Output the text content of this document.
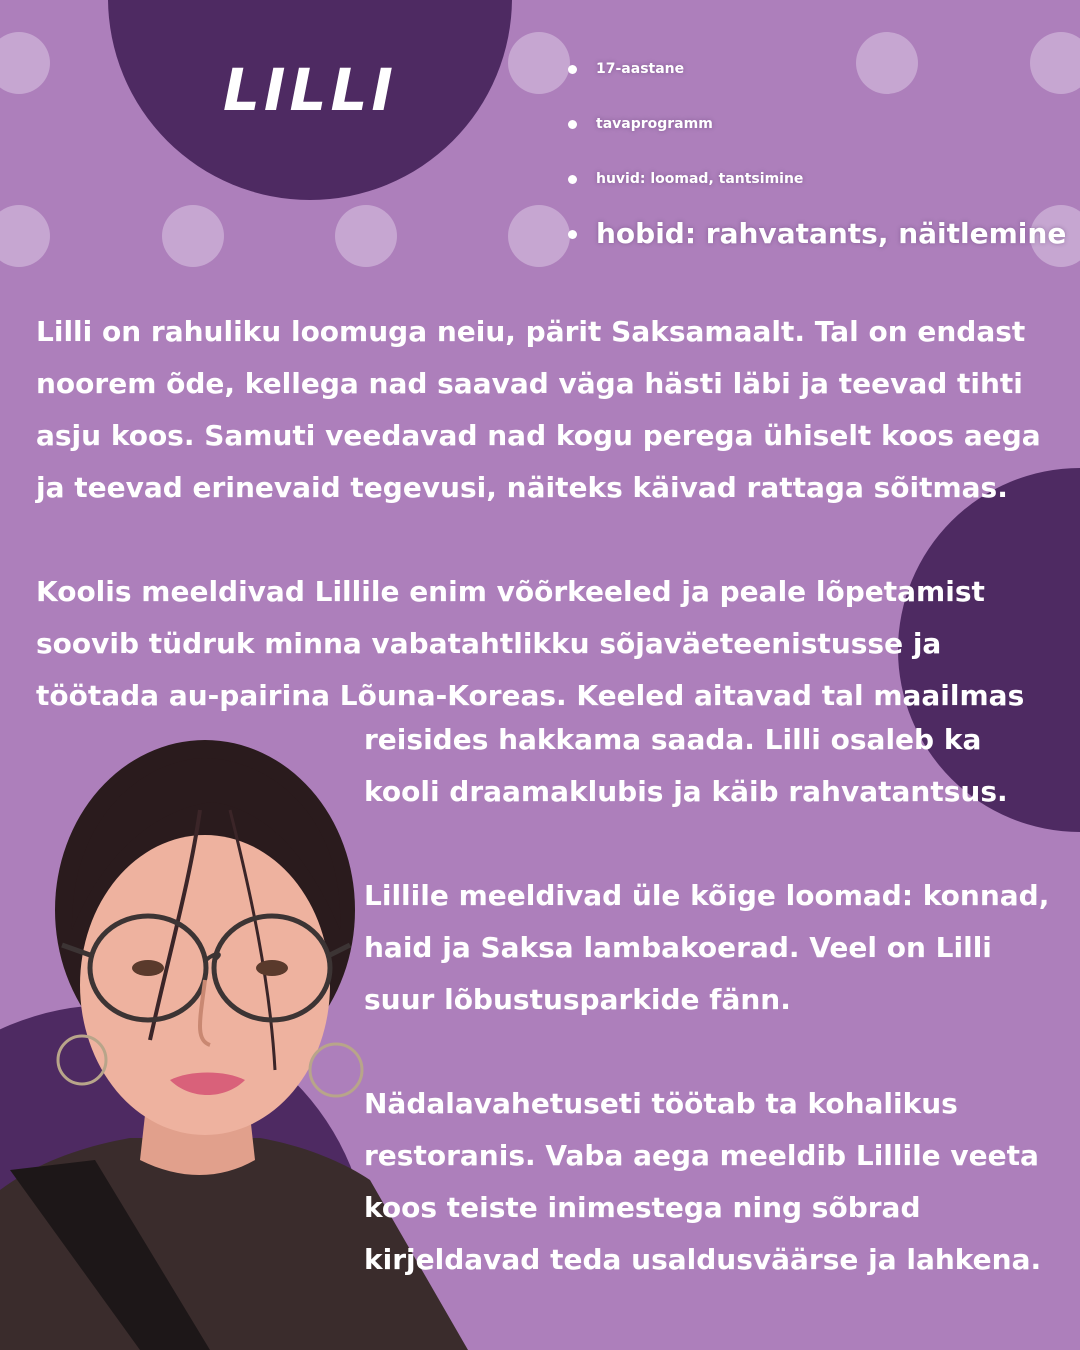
LILLI	17-aastane
tavaprogramm
huvid: loomad, tantsimine
hobid: rahvatants, näitlemine
Lilli on rahuliku loomuga neiu, pärit Saksamaalt. Tal on endast
noorem õde, kellega nad saavad väga hästi läbi ja teevad tihti
asju koos. Samuti veedavad nad kogu perega ühiselt koos aega
ja teevad erinevaid tegevusi, näiteks käivad rattaga sõitmas.
Koolis meeldivad Lillile enim võõrkeeled ja peale lõpetamist
soovib tüdruk minna vabatahtlikku sõjaväeteenistusse ja
töötada au-pairina Lõuna-Koreas. Keeled aitavad tal maailmas
reisides hakkama saada. Lilli osaleb ka
kooli draamaklubis ja käib rahvatantsus.
Lillile meeldivad üle kõige loomad: konnad,
haid ja Saksa lambakoerad. Veel on Lilli
suur lõbustusparkide fänn.
Nädalavahetuseti töötab ta kohalikus
restoranis. Vaba aega meeldib Lillile veeta
koos teiste inimestega ning sõbrad
kirjeldavad teda usaldusväärse ja lahkena.
